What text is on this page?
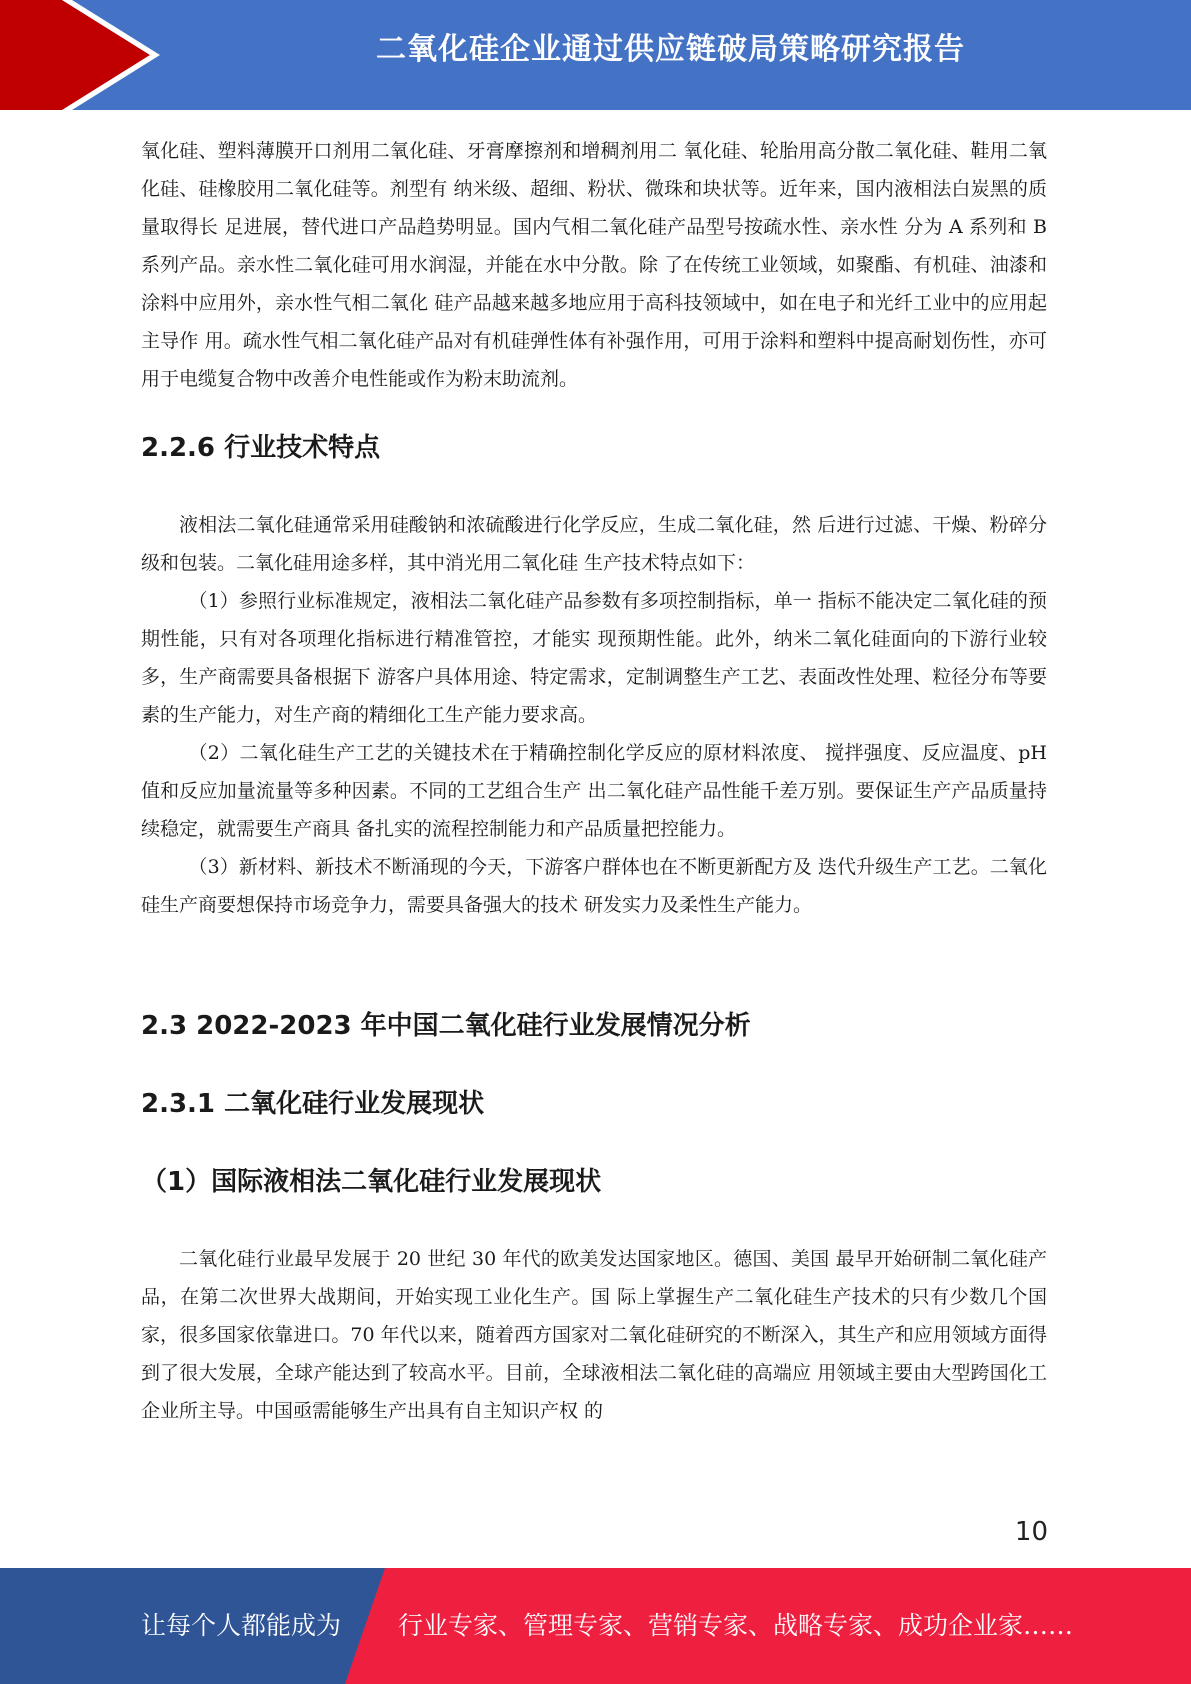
二氧化硅企业通过供应链破局策略研究报告

氧化硅、塑料薄膜开口剂用二氧化硅、牙膏摩擦剂和增稠剂用二 氧化硅、轮胎用高分散二氧化硅、鞋用二氧化硅、硅橡胶用二氧化硅等。剂型有 纳米级、超细、粉状、微珠和块状等。近年来，国内液相法白炭黑的质量取得长 足进展，替代进口产品趋势明显。国内气相二氧化硅产品型号按疏水性、亲水性 分为 A 系列和 B 系列产品。亲水性二氧化硅可用水润湿，并能在水中分散。除 了在传统工业领域，如聚酯、有机硅、油漆和涂料中应用外，亲水性气相二氧化 硅产品越来越多地应用于高科技领域中，如在电子和光纤工业中的应用起主导作 用。疏水性气相二氧化硅产品对有机硅弹性体有补强作用，可用于涂料和塑料中提高耐划伤性，亦可用于电缆复合物中改善介电性能或作为粉末助流剂。

2.2.6 行业技术特点

液相法二氧化硅通常采用硅酸钠和浓硫酸进行化学反应，生成二氧化硅，然 后进行过滤、干燥、粉碎分级和包装。二氧化硅用途多样，其中消光用二氧化硅 生产技术特点如下：

（1）参照行业标准规定，液相法二氧化硅产品参数有多项控制指标，单一 指标不能决定二氧化硅的预期性能，只有对各项理化指标进行精准管控，才能实 现预期性能。此外，纳米二氧化硅面向的下游行业较多，生产商需要具备根据下 游客户具体用途、特定需求，定制调整生产工艺、表面改性处理、粒径分布等要 素的生产能力，对生产商的精细化工生产能力要求高。

（2）二氧化硅生产工艺的关键技术在于精确控制化学反应的原材料浓度、 搅拌强度、反应温度、pH 值和反应加量流量等多种因素。不同的工艺组合生产 出二氧化硅产品性能千差万别。要保证生产产品质量持续稳定，就需要生产商具 备扎实的流程控制能力和产品质量把控能力。

（3）新材料、新技术不断涌现的今天，下游客户群体也在不断更新配方及 迭代升级生产工艺。二氧化硅生产商要想保持市场竞争力，需要具备强大的技术 研发实力及柔性生产能力。

2.3 2022-2023 年中国二氧化硅行业发展情况分析
2.3.1 二氧化硅行业发展现状
（1）国际液相法二氧化硅行业发展现状

二氧化硅行业最早发展于 20 世纪 30 年代的欧美发达国家地区。德国、美国 最早开始研制二氧化硅产品，在第二次世界大战期间，开始实现工业化生产。国 际上掌握生产二氧化硅生产技术的只有少数几个国家，很多国家依靠进口。70 年代以来，随着西方国家对二氧化硅研究的不断深入，其生产和应用领域方面得 到了很大发展，全球产能达到了较高水平。目前，全球液相法二氧化硅的高端应 用领域主要由大型跨国化工企业所主导。中国亟需能够生产出具有自主知识产权 的

10
让每个人都能成为 行业专家、管理专家、营销专家、战略专家、成功企业家……
